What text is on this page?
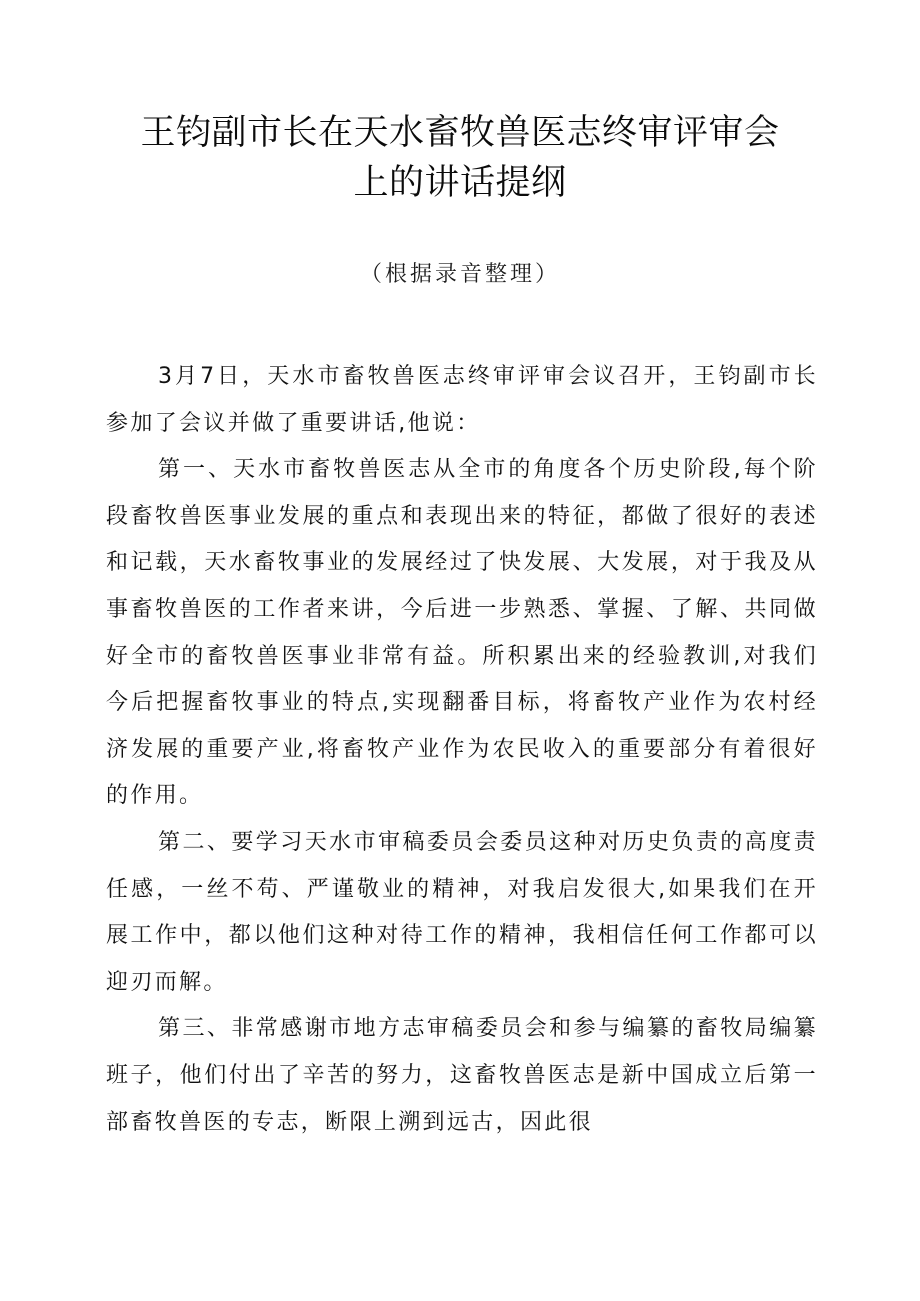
王钧副市长在天水畜牧兽医志终审评审会
上的讲话提纲
（根据录音整理）

3月7日，天水市畜牧兽医志终审评审会议召开，王钧副市长参加了会议并做了重要讲话,他说：

第一、天水市畜牧兽医志从全市的角度各个历史阶段,每个阶段畜牧兽医事业发展的重点和表现出来的特征，都做了很好的表述和记载，天水畜牧事业的发展经过了快发展、大发展，对于我及从事畜牧兽医的工作者来讲，今后进一步熟悉、掌握、了解、共同做好全市的畜牧兽医事业非常有益。所积累出来的经验教训,对我们今后把握畜牧事业的特点,实现翻番目标，将畜牧产业作为农村经济发展的重要产业,将畜牧产业作为农民收入的重要部分有着很好的作用。

第二、要学习天水市审稿委员会委员这种对历史负责的高度责任感，一丝不苟、严谨敬业的精神，对我启发很大,如果我们在开展工作中，都以他们这种对待工作的精神，我相信任何工作都可以迎刃而解。

第三、非常感谢市地方志审稿委员会和参与编纂的畜牧局编纂班子，他们付出了辛苦的努力，这畜牧兽医志是新中国成立后第一部畜牧兽医的专志，断限上溯到远古，因此很
